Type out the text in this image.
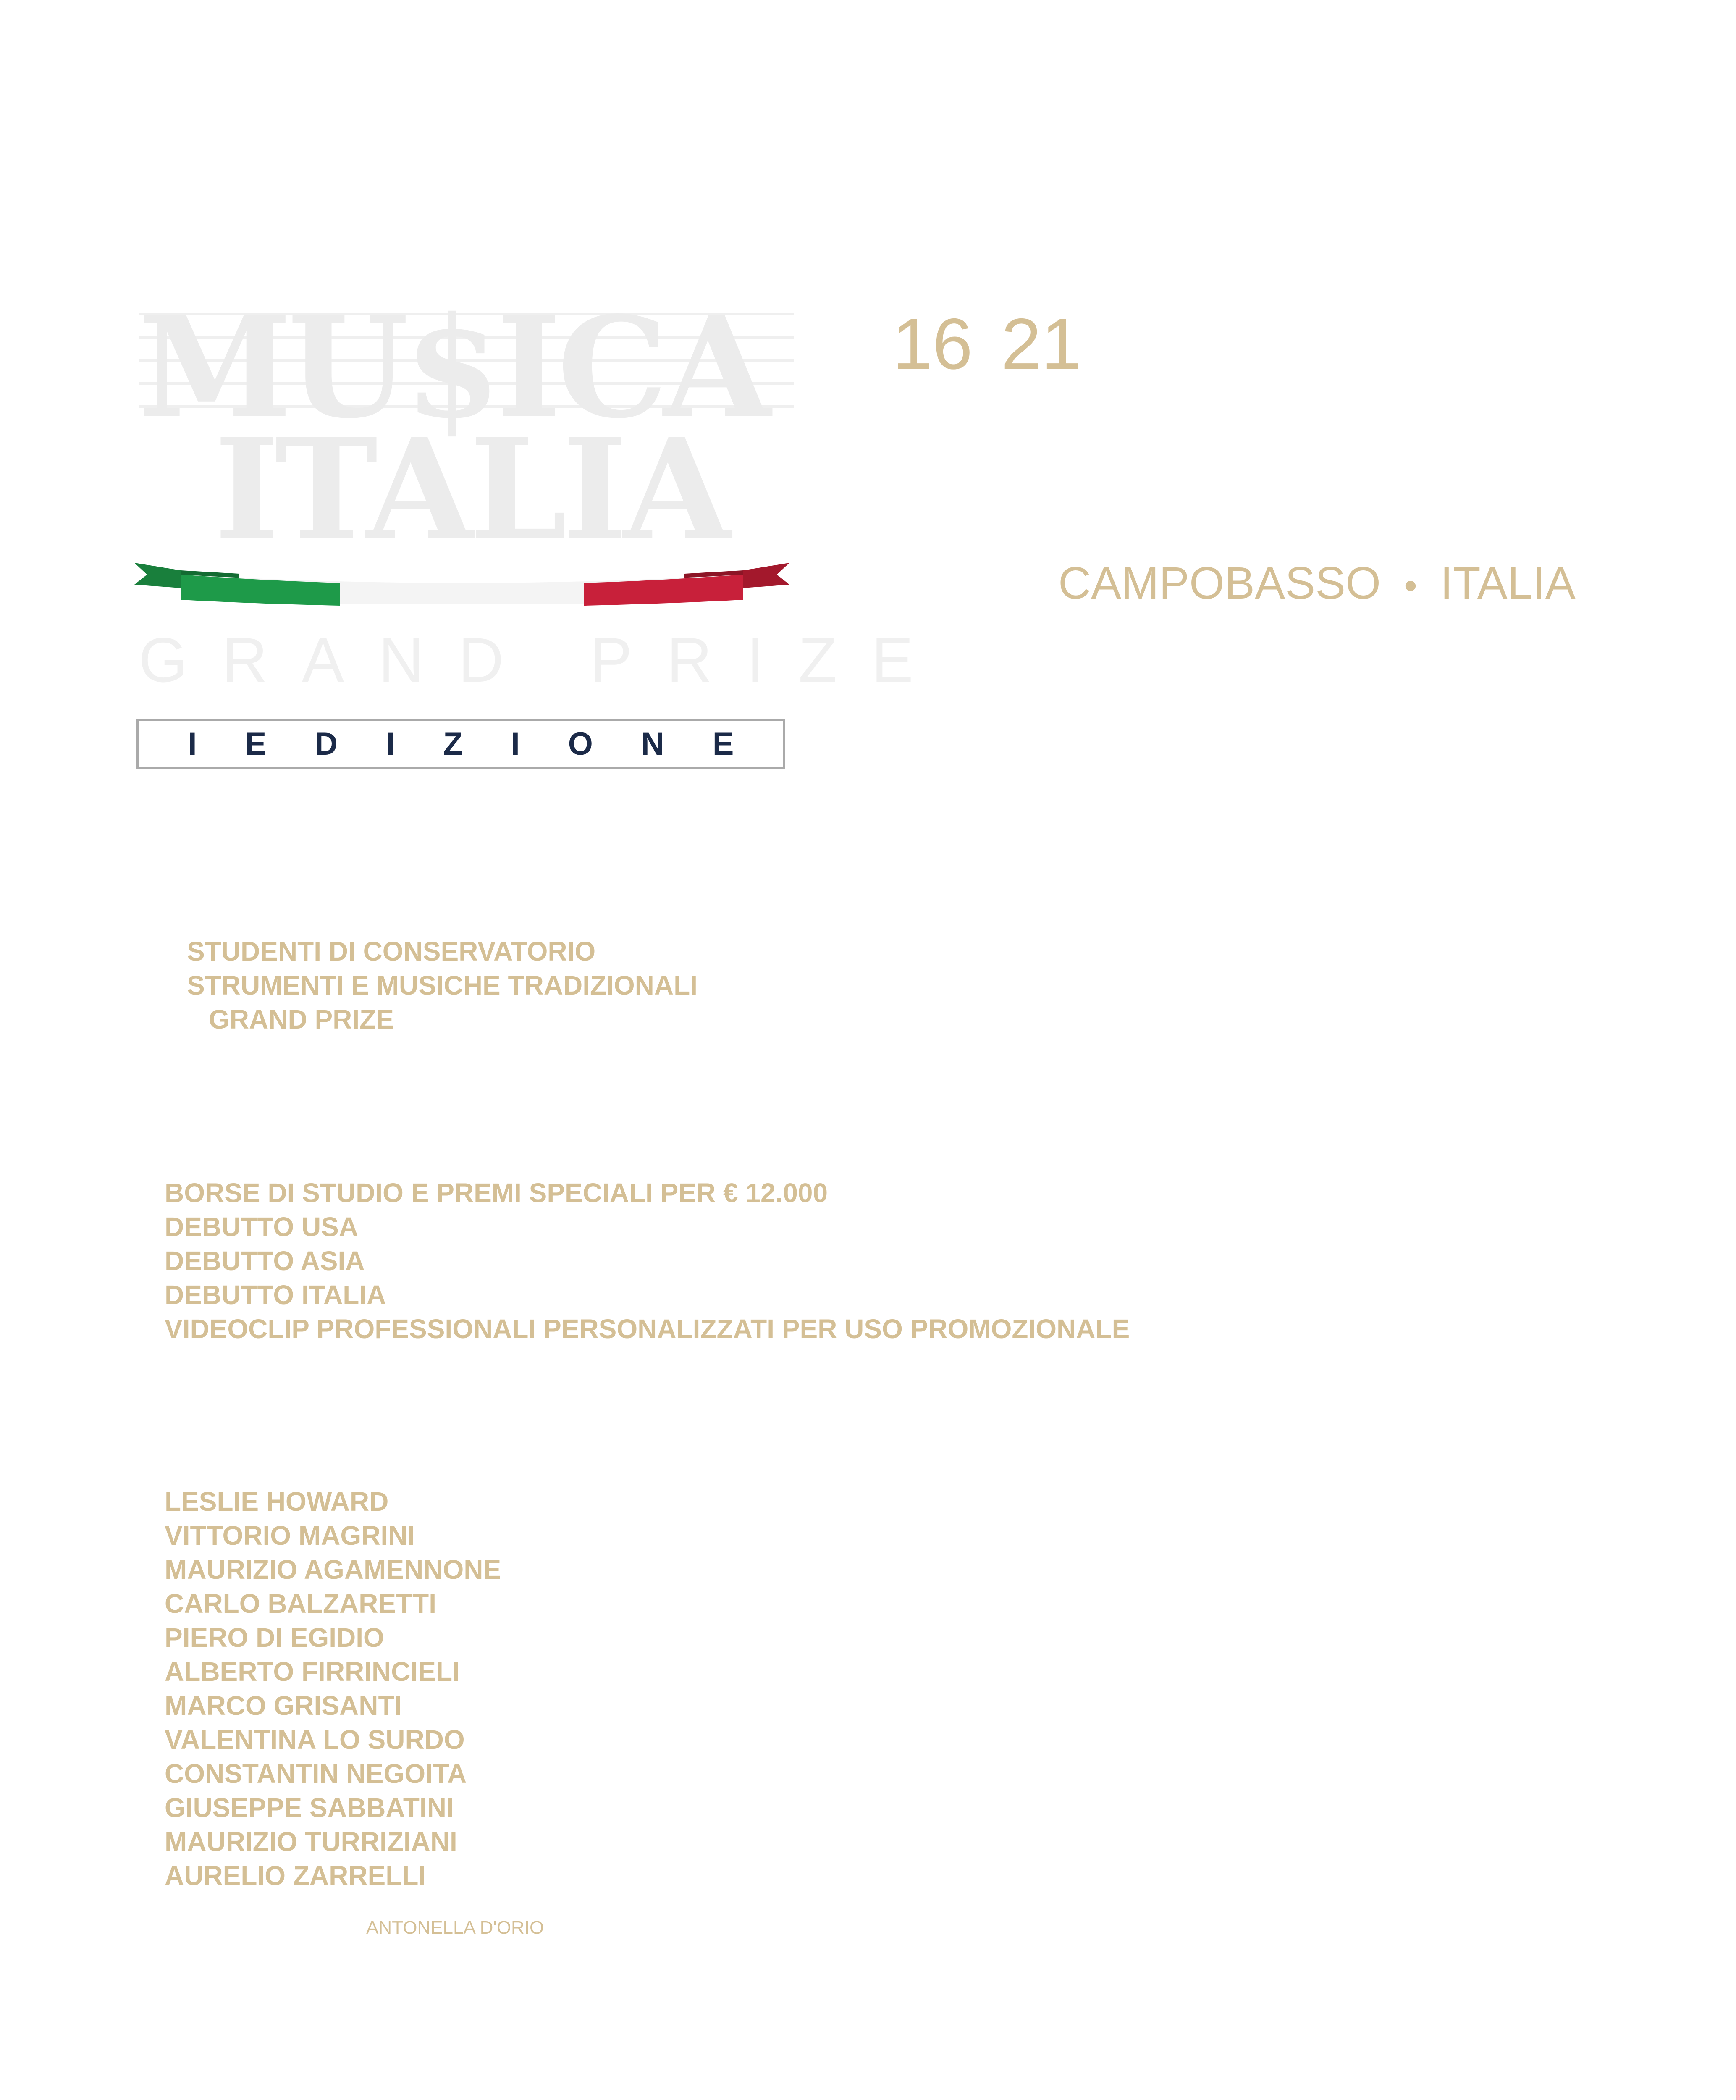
MU$ICA
ITALIA
GRAND PRIZE
I E D I Z I O N E
16 21
CAMPOBASSO • ITALIA
STUDENTI DI CONSERVATORIO
STRUMENTI E MUSICHE TRADIZIONALI
GRAND PRIZE
BORSE DI STUDIO E PREMI SPECIALI PER € 12.000
DEBUTTO USA
DEBUTTO ASIA
DEBUTTO ITALIA
VIDEOCLIP PROFESSIONALI PERSONALIZZATI PER USO PROMOZIONALE
LESLIE HOWARD
VITTORIO MAGRINI
MAURIZIO AGAMENNONE
CARLO BALZARETTI
PIERO DI EGIDIO
ALBERTO FIRRINCIELI
MARCO GRISANTI
VALENTINA LO SURDO
CONSTANTIN NEGOITA
GIUSEPPE SABBATINI
MAURIZIO TURRIZIANI
AURELIO ZARRELLI
ANTONELLA D'ORIO
